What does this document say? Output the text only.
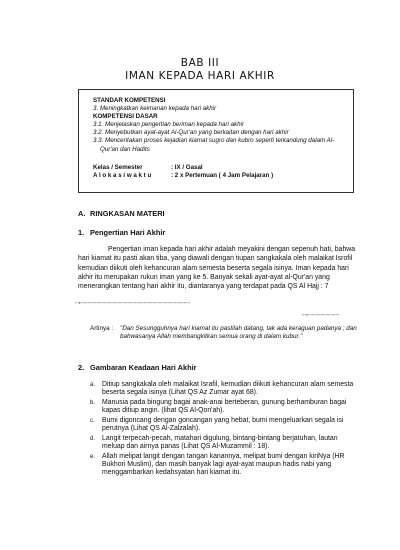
BAB III
IMAN KEPADA HARI AKHIR
STANDAR KOMPETENSI
3. Meningkatkan keimanan kepada hari akhir
KOMPETENSI DASAR
3.1. Menjelaskan pengertian beriman kepada hari akhir
3.2. Menyebutkan ayat-ayat Al-Qur'an yang berkaitan dengan hari akhir
3.3. Menceritakan proses kejadian kiamat sugro dan kubro seperti terkandung dalam Al-
Qur'an dan Hadits
Kelas / Semester	: IX / Gasal
A l o k a s i w a k t u	: 2 x Pertemuan ( 4 Jam Pelajaran )
A. RINGKASAN MATERI
1. Pengertian Hari Akhir
Pengertian iman kepada hari akhir adalah meyakini dengan sepenuh hati, bahwa hari kiamat itu pasti akan tiba, yang diawali dengan tiupan sangkakala oleh malaikat Isrofil kemudian diikuti oleh kehancuran alam semesta beserta segala isinya. Iman kepada hari akhir itu merupakan rukun iman yang ke 5. Banyak sekali ayat-ayat al-Qur'an yang menerangkan tentang hari akhir itu, diantaranya yang terdapat pada QS Al Hajj : 7
ٰ̈ ̈ ̈ ̈ ̈ ̈ ̈ ̈ ̈ ̈ ̈ ̈ ̈ ̈ ̈ ̈ ̈ ̈ ̈ ̈ ̈ ̈ ̈ ̈ ̈ ̈ ̈ ̈ ̈ ̈ ̈ ̈ ̈ ̈ ̈ ̈ ̈ ̈ ̈ ̈ ̈ ̈ ̈ ̈ ̈ ̈
ٰ̈ ̈ ̈ ̈ ̈ ̈ ̈ ̈ ̈ ̈ ̈ ̈ ̈ ̈ ̈
Artinya :	"Dan Sesungguhnya hari kiamat itu pastilah datang, tak ada keraguan padanya ; dan bahwasanya Allah membangkitkan semua orang di dalam kubur."
2. Gambaran Keadaan Hari Akhir
a.	Ditiup sangkakala oleh malaikat Israfil, kemudian diikuti kehancuran alam semesta beserta segala isinya (Lihat QS Az Zumar ayat 68).
b.	Manusia pada bingung bagai anak-anai berteberan, gunung berhamburan bagai kapas ditiup angin. (lihat QS Al-Qori'ah).
c.	Bumi digoncang dengan goncangan yang hebat, bumi mengeluarkan segala isi perutnya (Lihat QS Al-Zalzalah).
d.	Langit terpecah-pecah, matahari digulung, bintang-bintang berjatuhan, lautan meluap dan airnya panas (Lihat QS Al-Muzammil : 18).
e.	Allah melipat langit dengan tangan kanannya, melipat bumi dengan kiriNya (HR Bukhori Muslim), dan masih banyak lagi ayat-ayat maupun hadis nabi yang menggambarkan kedahsyatan hari kiamat itu.
